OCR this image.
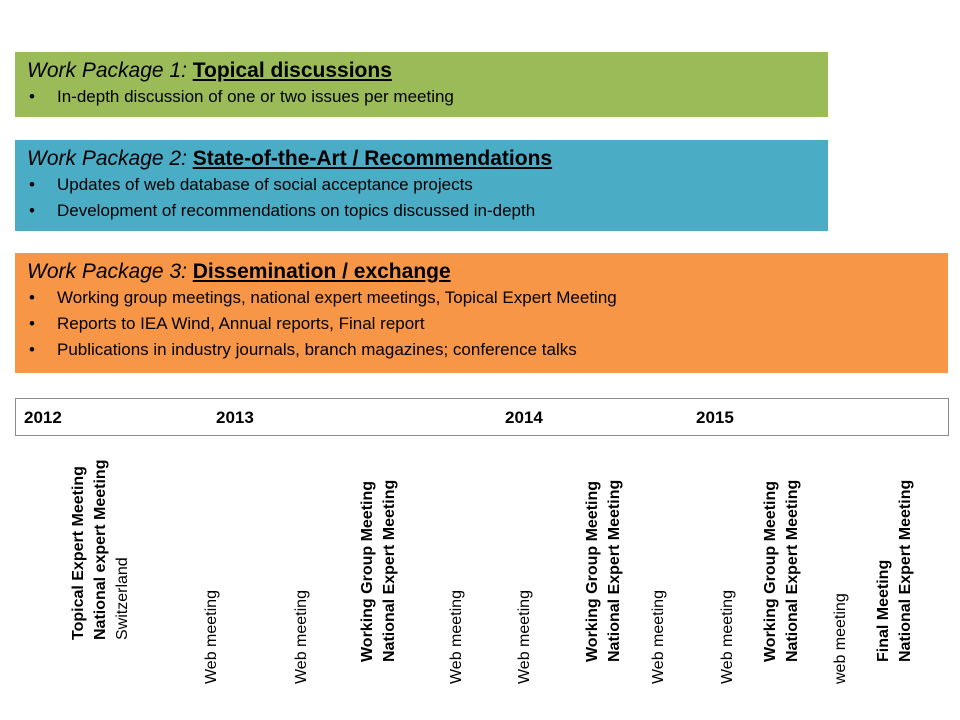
Work Package 1: Topical discussions
• In-depth discussion of one or two issues per meeting
Work Package 2: State-of-the-Art / Recommendations
• Updates of web database of social acceptance projects
• Development of recommendations on topics discussed in-depth
Work Package 3: Dissemination / exchange
• Working group meetings, national expert meetings, Topical Expert Meeting
• Reports to IEA Wind, Annual reports, Final report
• Publications in industry journals, branch magazines; conference talks
2012	2013	2014	2015
Topical Expert Meeting National expert Meeting Switzerland	Web meeting	Web meeting	Working Group Meeting National Expert Meeting	Web meeting	Web meeting	Working Group Meeting National Expert Meeting Web meeting	Web meeting Working Group Meeting National Expert Meeting web meeting Final Meeting National Expert Meeting
